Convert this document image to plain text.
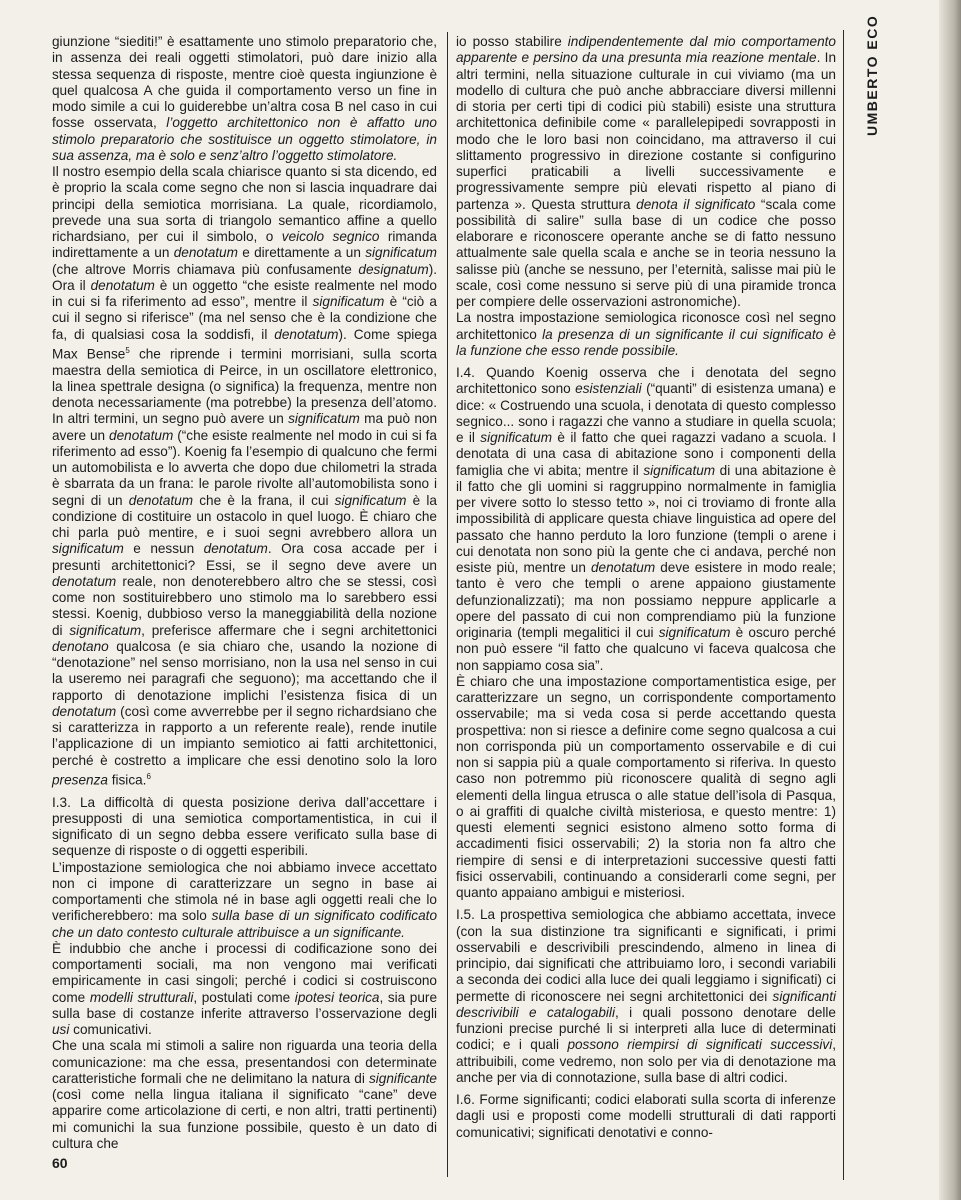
UMBERTO ECO

giunzione “siediti!” è esattamente uno stimolo preparatorio che, in assenza dei reali oggetti stimolatori, può dare inizio alla stessa sequenza di risposte, mentre cioè questa ingiunzione è quel qualcosa A che guida il comportamento verso un fine in modo simile a cui lo guiderebbe un’altra cosa B nel caso in cui fosse osservata, l’oggetto architettonico non è affatto uno stimolo preparatorio che sostituisce un oggetto stimolatore, in sua assenza, ma è solo e senz’altro l’oggetto stimolatore.

Il nostro esempio della scala chiarisce quanto si sta dicendo, ed è proprio la scala come segno che non si lascia inquadrare dai principi della semiotica morrisiana. La quale, ricordiamolo, prevede una sua sorta di triangolo semantico affine a quello richardsiano, per cui il simbolo, o veicolo segnico rimanda indirettamente a un denotatum e direttamente a un significatum (che altrove Morris chiamava più confusamente designatum). Ora il denotatum è un oggetto “che esiste realmente nel modo in cui si fa riferimento ad esso”, mentre il significatum è “ciò a cui il segno si riferisce” (ma nel senso che è la condizione che fa, di qualsiasi cosa la soddisfi, il denotatum). Come spiega Max Bense$^5$ che riprende i termini morrisiani, sulla scorta maestra della semiotica di Peirce, in un oscillatore elettronico, la linea spettrale designa (o significa) la frequenza, mentre non denota necessariamente (ma potrebbe) la presenza dell’atomo. In altri termini, un segno può avere un significatum ma può non avere un denotatum (“che esiste realmente nel modo in cui si fa riferimento ad esso”). Koenig fa l’esempio di qualcuno che fermi un automobilista e lo avverta che dopo due chilometri la strada è sbarrata da un frana: le parole rivolte all’automobilista sono i segni di un denotatum che è la frana, il cui significatum è la condizione di costituire un ostacolo in quel luogo. È chiaro che chi parla può mentire, e i suoi segni avrebbero allora un significatum e nessun denotatum. Ora cosa accade per i presunti architettonici? Essi, se il segno deve avere un denotatum reale, non denoterebbero altro che se stessi, così come non sostituirebbero uno stimolo ma lo sarebbero essi stessi. Koenig, dubbioso verso la maneggiabilità della nozione di significatum, preferisce affermare che i segni architettonici denotano qualcosa (e sia chiaro che, usando la nozione di “denotazione” nel senso morrisiano, non la usa nel senso in cui la useremo nei paragrafi che seguono); ma accettando che il rapporto di denotazione implichi l’esistenza fisica di un denotatum (così come avverrebbe per il segno richardsiano che si caratterizza in rapporto a un referente reale), rende inutile l’applicazione di un impianto semiotico ai fatti architettonici, perché è costretto a implicare che essi denotino solo la loro presenza fisica.$^6$

I.3. La difficoltà di questa posizione deriva dall’accettare i presupposti di una semiotica comportamentistica, in cui il significato di un segno debba essere verificato sulla base di sequenze di risposte o di oggetti esperibili.

L’impostazione semiologica che noi abbiamo invece accettato non ci impone di caratterizzare un segno in base ai comportamenti che stimola né in base agli oggetti reali che lo verificherebbero: ma solo sulla base di un significato codificato che un dato contesto culturale attribuisce a un significante.

È indubbio che anche i processi di codificazione sono dei comportamenti sociali, ma non vengono mai verificati empiricamente in casi singoli; perché i codici si costruiscono come modelli strutturali, postulati come ipotesi teorica, sia pure sulla base di costanze inferite attraverso l’osservazione degli usi comunicativi.

Che una scala mi stimoli a salire non riguarda una teoria della comunicazione: ma che essa, presentandosi con determinate caratteristiche formali che ne delimitano la natura di significante (così come nella lingua italiana il significato “cane” deve apparire come articolazione di certi, e non altri, tratti pertinenti) mi comunichi la sua funzione possibile, questo è un dato di cultura che

io posso stabilire indipendentemente dal mio comportamento apparente e persino da una presunta mia reazione mentale. In altri termini, nella situazione culturale in cui viviamo (ma un modello di cultura che può anche abbracciare diversi millenni di storia per certi tipi di codici più stabili) esiste una struttura architettonica definibile come « parallelepipedi sovrapposti in modo che le loro basi non coincidano, ma attraverso il cui slittamento progressivo in direzione costante si configurino superfici praticabili a livelli successivamente e progressivamente sempre più elevati rispetto al piano di partenza ». Questa struttura denota il significato “scala come possibilità di salire” sulla base di un codice che posso elaborare e riconoscere operante anche se di fatto nessuno attualmente sale quella scala e anche se in teoria nessuno la salisse più (anche se nessuno, per l’eternità, salisse mai più le scale, così come nessuno si serve più di una piramide tronca per compiere delle osservazioni astronomiche).

La nostra impostazione semiologica riconosce così nel segno architettonico la presenza di un significante il cui significato è la funzione che esso rende possibile.

I.4. Quando Koenig osserva che i denotata del segno architettonico sono esistenziali (“quanti” di esistenza umana) e dice: « Costruendo una scuola, i denotata di questo complesso segnico... sono i ragazzi che vanno a studiare in quella scuola; e il significatum è il fatto che quei ragazzi vadano a scuola. I denotata di una casa di abitazione sono i componenti della famiglia che vi abita; mentre il significatum di una abitazione è il fatto che gli uomini si raggruppino normalmente in famiglia per vivere sotto lo stesso tetto », noi ci troviamo di fronte alla impossibilità di applicare questa chiave linguistica ad opere del passato che hanno perduto la loro funzione (templi o arene i cui denotata non sono più la gente che ci andava, perché non esiste più, mentre un denotatum deve esistere in modo reale; tanto è vero che templi o arene appaiono giustamente defunzionalizzati); ma non possiamo neppure applicarle a opere del passato di cui non comprendiamo più la funzione originaria (templi megalitici il cui significatum è oscuro perché non può essere “il fatto che qualcuno vi faceva qualcosa che non sappiamo cosa sia”.

È chiaro che una impostazione comportamentistica esige, per caratterizzare un segno, un corrispondente comportamento osservabile; ma si veda cosa si perde accettando questa prospettiva: non si riesce a definire come segno qualcosa a cui non corrisponda più un comportamento osservabile e di cui non si sappia più a quale comportamento si riferiva. In questo caso non potremmo più riconoscere qualità di segno agli elementi della lingua etrusca o alle statue dell’isola di Pasqua, o ai graffiti di qualche civiltà misteriosa, e questo mentre: 1) questi elementi segnici esistono almeno sotto forma di accadimenti fisici osservabili; 2) la storia non fa altro che riempire di sensi e di interpretazioni successive questi fatti fisici osservabili, continuando a considerarli come segni, per quanto appaiano ambigui e misteriosi.

I.5. La prospettiva semiologica che abbiamo accettata, invece (con la sua distinzione tra significanti e significati, i primi osservabili e descrivibili prescindendo, almeno in linea di principio, dai significati che attribuiamo loro, i secondi variabili a seconda dei codici alla luce dei quali leggiamo i significati) ci permette di riconoscere nei segni architettonici dei significanti descrivibili e catalogabili, i quali possono denotare delle funzioni precise purché li si interpreti alla luce di determinati codici; e i quali possono riempirsi di significati successivi, attribuibili, come vedremo, non solo per via di denotazione ma anche per via di connotazione, sulla base di altri codici.

I.6. Forme significanti; codici elaborati sulla scorta di inferenze dagli usi e proposti come modelli strutturali di dati rapporti comunicativi; significati denotativi e conno-

60
